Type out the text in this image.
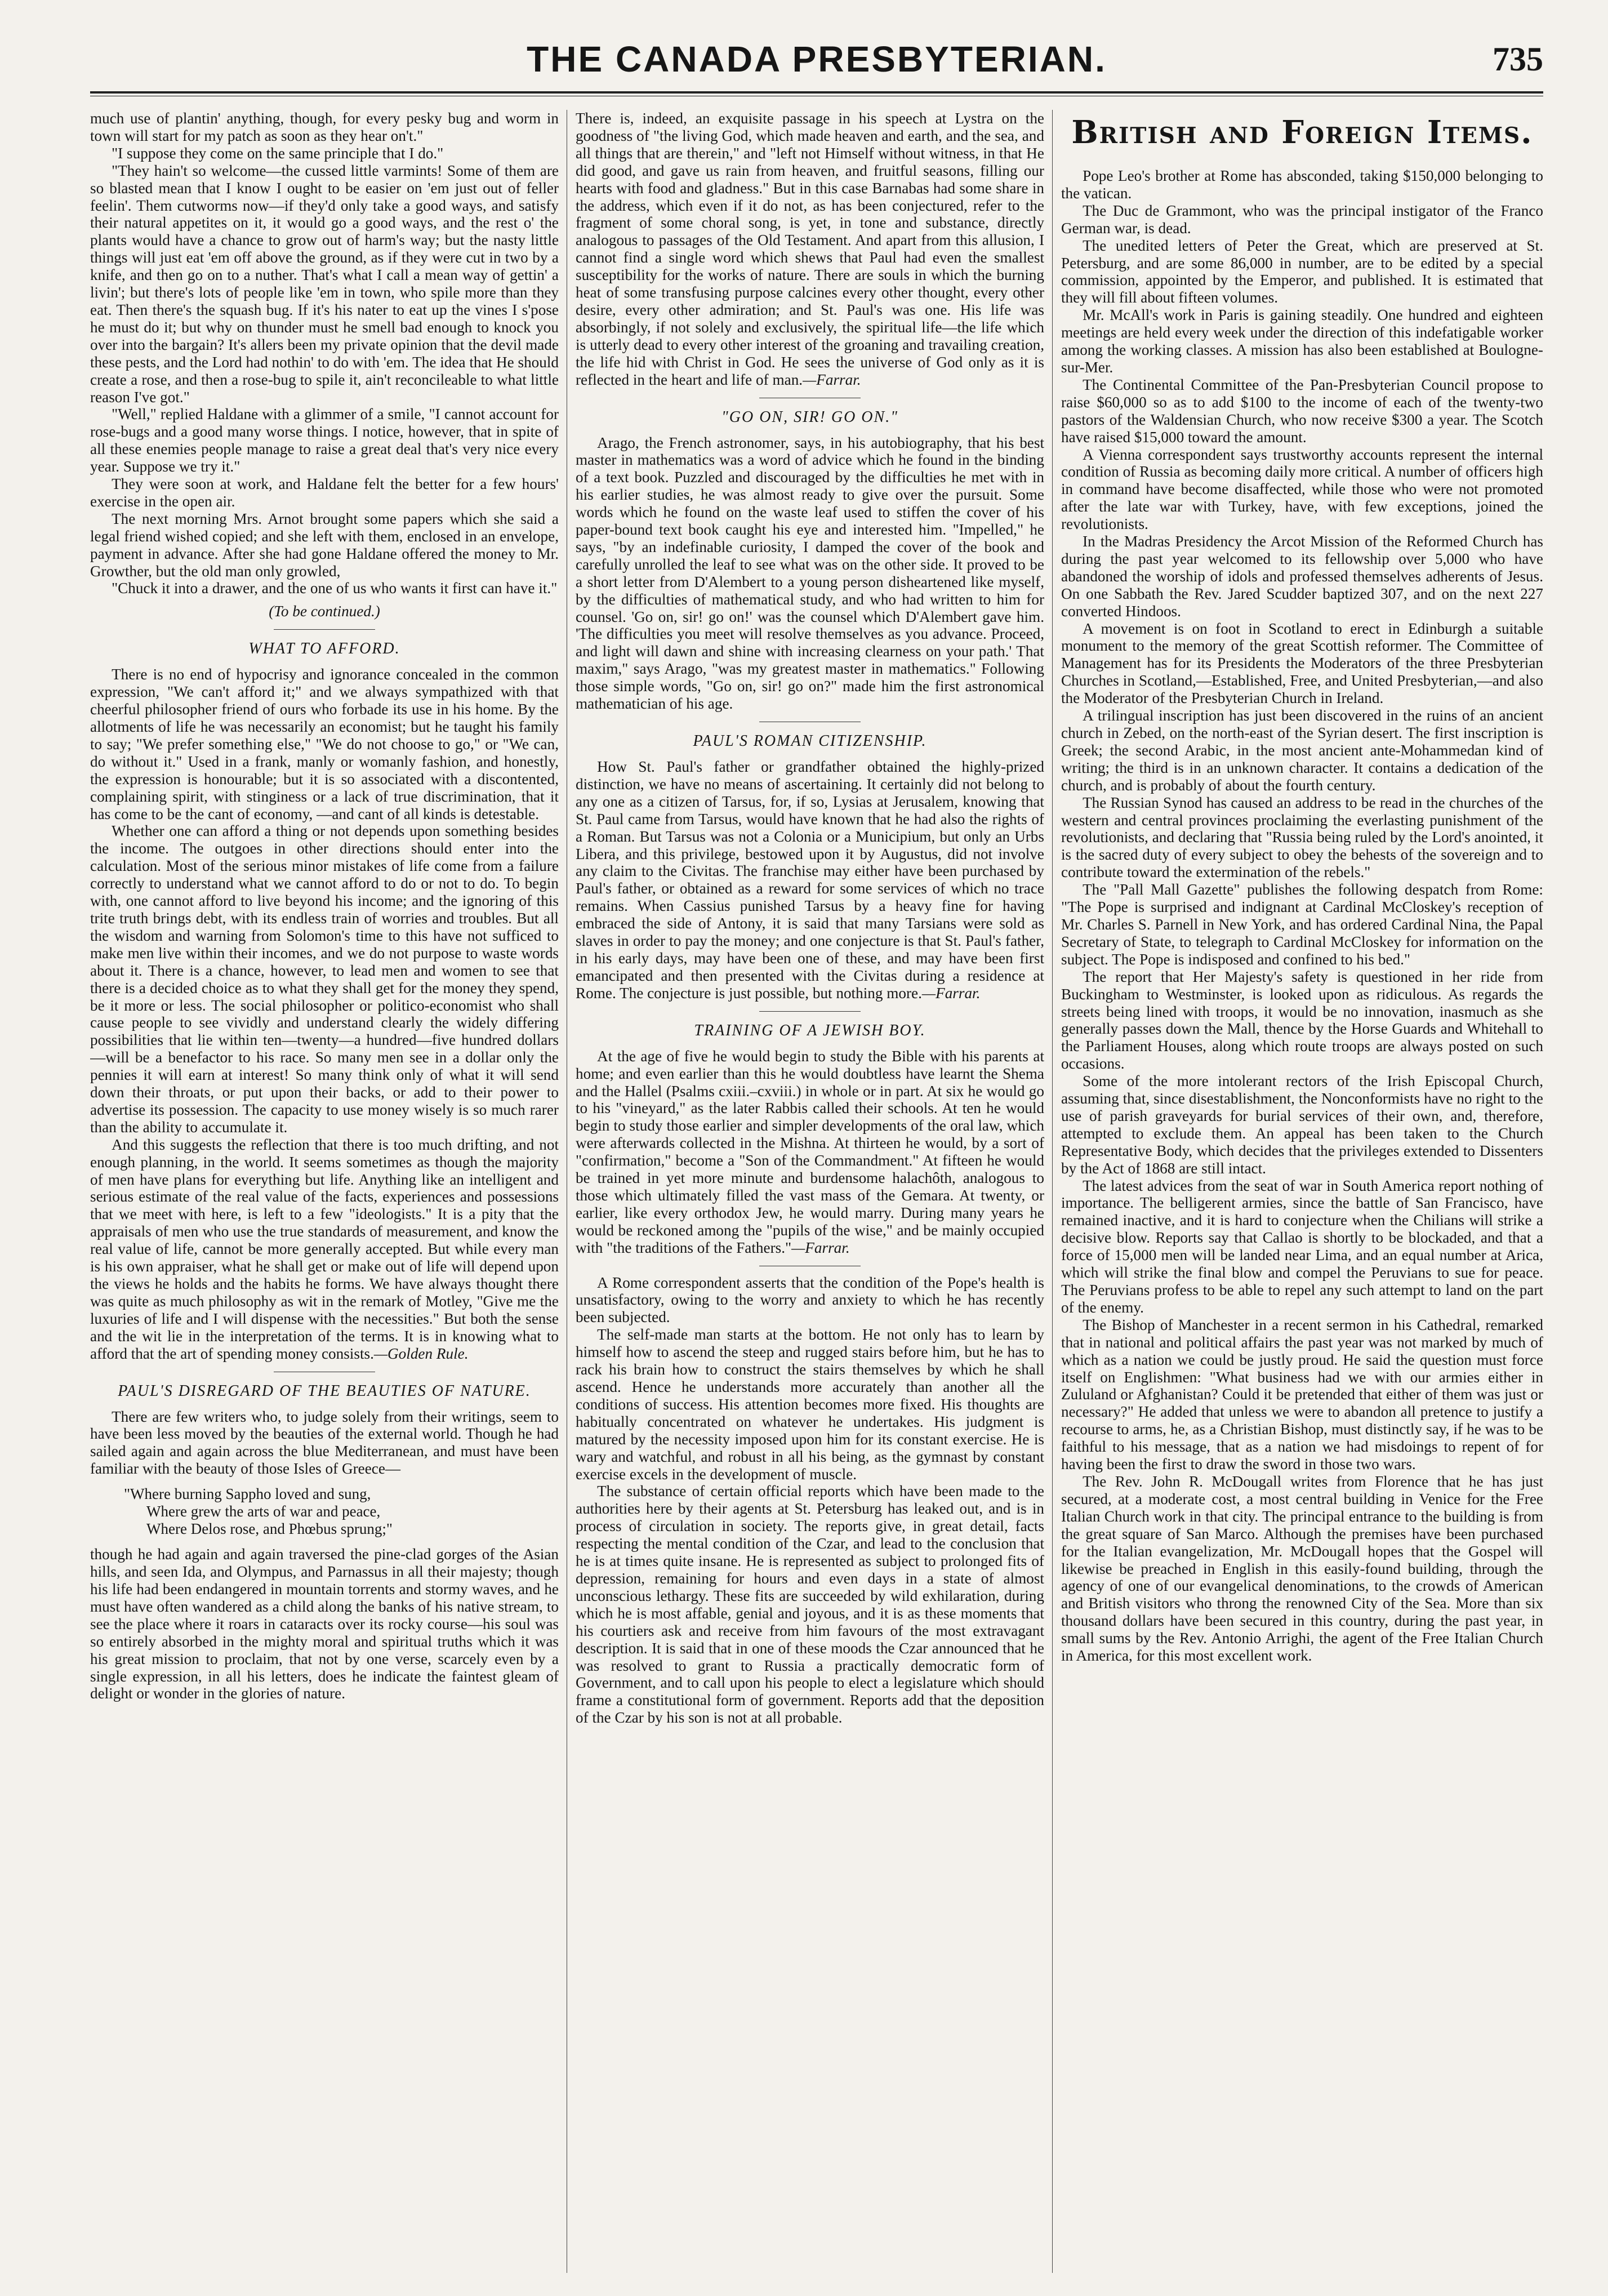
THE CANADA PRESBYTERIAN.	735

much use of plantin' anything, though, for every pesky bug and worm in town will start for my patch as soon as they hear on't."

"I suppose they come on the same principle that I do."

"They hain't so welcome—the cussed little varmints! Some of them are so blasted mean that I know I ought to be easier on 'em just out of feller feelin'. Them cutworms now—if they'd only take a good ways, and satisfy their natural appetites on it, it would go a good ways, and the rest o' the plants would have a chance to grow out of harm's way; but the nasty little things will just eat 'em off above the ground, as if they were cut in two by a knife, and then go on to a nuther. That's what I call a mean way of gettin' a livin'; but there's lots of people like 'em in town, who spile more than they eat. Then there's the squash bug. If it's his nater to eat up the vines I s'pose he must do it; but why on thunder must he smell bad enough to knock you over into the bargain? It's allers been my private opinion that the devil made these pests, and the Lord had nothin' to do with 'em. The idea that He should create a rose, and then a rose-bug to spile it, ain't reconcileable to what little reason I've got."

"Well," replied Haldane with a glimmer of a smile, "I cannot account for rose-bugs and a good many worse things. I notice, however, that in spite of all these enemies people manage to raise a great deal that's very nice every year. Suppose we try it."

They were soon at work, and Haldane felt the better for a few hours' exercise in the open air.

The next morning Mrs. Arnot brought some papers which she said a legal friend wished copied; and she left with them, enclosed in an envelope, payment in advance. After she had gone Haldane offered the money to Mr. Growther, but the old man only growled,

"Chuck it into a drawer, and the one of us who wants it first can have it."

(To be continued.)

WHAT TO AFFORD.

There is no end of hypocrisy and ignorance concealed in the common expression, "We can't afford it;" and we always sympathized with that cheerful philosopher friend of ours who forbade its use in his home. By the allotments of life he was necessarily an economist; but he taught his family to say; "We prefer something else," "We do not choose to go," or "We can, do without it." Used in a frank, manly or womanly fashion, and honestly, the expression is honourable; but it is so associated with a discontented, complaining spirit, with stinginess or a lack of true discrimination, that it has come to be the cant of economy, —and cant of all kinds is detestable.

Whether one can afford a thing or not depends upon something besides the income. The outgoes in other directions should enter into the calculation. Most of the serious minor mistakes of life come from a failure correctly to understand what we cannot afford to do or not to do. To begin with, one cannot afford to live beyond his income; and the ignoring of this trite truth brings debt, with its endless train of worries and troubles. But all the wisdom and warning from Solomon's time to this have not sufficed to make men live within their incomes, and we do not purpose to waste words about it. There is a chance, however, to lead men and women to see that there is a decided choice as to what they shall get for the money they spend, be it more or less. The social philosopher or politico-economist who shall cause people to see vividly and understand clearly the widely differing possibilities that lie within ten—twenty—a hundred—five hundred dollars—will be a benefactor to his race. So many men see in a dollar only the pennies it will earn at interest! So many think only of what it will send down their throats, or put upon their backs, or add to their power to advertise its possession. The capacity to use money wisely is so much rarer than the ability to accumulate it.

And this suggests the reflection that there is too much drifting, and not enough planning, in the world. It seems sometimes as though the majority of men have plans for everything but life. Anything like an intelligent and serious estimate of the real value of the facts, experiences and possessions that we meet with here, is left to a few "ideologists." It is a pity that the appraisals of men who use the true standards of measurement, and know the real value of life, cannot be more generally accepted. But while every man is his own appraiser, what he shall get or make out of life will depend upon the views he holds and the habits he forms. We have always thought there was quite as much philosophy as wit in the remark of Motley, "Give me the luxuries of life and I will dispense with the necessities." But both the sense and the wit lie in the interpretation of the terms. It is in knowing what to afford that the art of spending money consists.—Golden Rule.

PAUL'S DISREGARD OF THE BEAUTIES OF NATURE.

There are few writers who, to judge solely from their writings, seem to have been less moved by the beauties of the external world. Though he had sailed again and again across the blue Mediterranean, and must have been familiar with the beauty of those Isles of Greece—

"Where burning Sappho loved and sung,
Where grew the arts of war and peace,
Where Delos rose, and Phœbus sprung;"

though he had again and again traversed the pine-clad gorges of the Asian hills, and seen Ida, and Olympus, and Parnassus in all their majesty; though his life had been endangered in mountain torrents and stormy waves, and he must have often wandered as a child along the banks of his native stream, to see the place where it roars in cataracts over its rocky course—his soul was so entirely absorbed in the mighty moral and spiritual truths which it was his great mission to proclaim, that not by one verse, scarcely even by a single expression, in all his letters, does he indicate the faintest gleam of delight or wonder in the glories of nature.

There is, indeed, an exquisite passage in his speech at Lystra on the goodness of "the living God, which made heaven and earth, and the sea, and all things that are therein," and "left not Himself without witness, in that He did good, and gave us rain from heaven, and fruitful seasons, filling our hearts with food and gladness." But in this case Barnabas had some share in the address, which even if it do not, as has been conjectured, refer to the fragment of some choral song, is yet, in tone and substance, directly analogous to passages of the Old Testament. And apart from this allusion, I cannot find a single word which shews that Paul had even the smallest susceptibility for the works of nature. There are souls in which the burning heat of some transfusing purpose calcines every other thought, every other desire, every other admiration; and St. Paul's was one. His life was absorbingly, if not solely and exclusively, the spiritual life—the life which is utterly dead to every other interest of the groaning and travailing creation, the life hid with Christ in God. He sees the universe of God only as it is reflected in the heart and life of man.—Farrar.

"GO ON, SIR! GO ON."

Arago, the French astronomer, says, in his autobiography, that his best master in mathematics was a word of advice which he found in the binding of a text book. Puzzled and discouraged by the difficulties he met with in his earlier studies, he was almost ready to give over the pursuit. Some words which he found on the waste leaf used to stiffen the cover of his paper-bound text book caught his eye and interested him. "Impelled," he says, "by an indefinable curiosity, I damped the cover of the book and carefully unrolled the leaf to see what was on the other side. It proved to be a short letter from D'Alembert to a young person disheartened like myself, by the difficulties of mathematical study, and who had written to him for counsel. 'Go on, sir! go on!' was the counsel which D'Alembert gave him. 'The difficulties you meet will resolve themselves as you advance. Proceed, and light will dawn and shine with increasing clearness on your path.' That maxim," says Arago, "was my greatest master in mathematics." Following those simple words, "Go on, sir! go on?" made him the first astronomical mathematician of his age.

PAUL'S ROMAN CITIZENSHIP.

How St. Paul's father or grandfather obtained the highly-prized distinction, we have no means of ascertaining. It certainly did not belong to any one as a citizen of Tarsus, for, if so, Lysias at Jerusalem, knowing that St. Paul came from Tarsus, would have known that he had also the rights of a Roman. But Tarsus was not a Colonia or a Municipium, but only an Urbs Libera, and this privilege, bestowed upon it by Augustus, did not involve any claim to the Civitas. The franchise may either have been purchased by Paul's father, or obtained as a reward for some services of which no trace remains. When Cassius punished Tarsus by a heavy fine for having embraced the side of Antony, it is said that many Tarsians were sold as slaves in order to pay the money; and one conjecture is that St. Paul's father, in his early days, may have been one of these, and may have been first emancipated and then presented with the Civitas during a residence at Rome. The conjecture is just possible, but nothing more.—Farrar.

TRAINING OF A JEWISH BOY.

At the age of five he would begin to study the Bible with his parents at home; and even earlier than this he would doubtless have learnt the Shema and the Hallel (Psalms cxiii.–cxviii.) in whole or in part. At six he would go to his "vineyard," as the later Rabbis called their schools. At ten he would begin to study those earlier and simpler developments of the oral law, which were afterwards collected in the Mishna. At thirteen he would, by a sort of "confirmation," become a "Son of the Commandment." At fifteen he would be trained in yet more minute and burdensome halachôth, analogous to those which ultimately filled the vast mass of the Gemara. At twenty, or earlier, like every orthodox Jew, he would marry. During many years he would be reckoned among the "pupils of the wise," and be mainly occupied with "the traditions of the Fathers."—Farrar.

A Rome correspondent asserts that the condition of the Pope's health is unsatisfactory, owing to the worry and anxiety to which he has recently been subjected.

The self-made man starts at the bottom. He not only has to learn by himself how to ascend the steep and rugged stairs before him, but he has to rack his brain how to construct the stairs themselves by which he shall ascend. Hence he understands more accurately than another all the conditions of success. His attention becomes more fixed. His thoughts are habitually concentrated on whatever he undertakes. His judgment is matured by the necessity imposed upon him for its constant exercise. He is wary and watchful, and robust in all his being, as the gymnast by constant exercise excels in the development of muscle.

The substance of certain official reports which have been made to the authorities here by their agents at St. Petersburg has leaked out, and is in process of circulation in society. The reports give, in great detail, facts respecting the mental condition of the Czar, and lead to the conclusion that he is at times quite insane. He is represented as subject to prolonged fits of depression, remaining for hours and even days in a state of almost unconscious lethargy. These fits are succeeded by wild exhilaration, during which he is most affable, genial and joyous, and it is as these moments that his courtiers ask and receive from him favours of the most extravagant description. It is said that in one of these moods the Czar announced that he was resolved to grant to Russia a practically democratic form of Government, and to call upon his people to elect a legislature which should frame a constitutional form of government. Reports add that the deposition of the Czar by his son is not at all probable.

British and Foreign Items.

Pope Leo's brother at Rome has absconded, taking $150,000 belonging to the vatican.

The Duc de Grammont, who was the principal instigator of the Franco German war, is dead.

The unedited letters of Peter the Great, which are preserved at St. Petersburg, and are some 86,000 in number, are to be edited by a special commission, appointed by the Emperor, and published. It is estimated that they will fill about fifteen volumes.

Mr. McAll's work in Paris is gaining steadily. One hundred and eighteen meetings are held every week under the direction of this indefatigable worker among the working classes. A mission has also been established at Boulogne-sur-Mer.

The Continental Committee of the Pan-Presbyterian Council propose to raise $60,000 so as to add $100 to the income of each of the twenty-two pastors of the Waldensian Church, who now receive $300 a year. The Scotch have raised $15,000 toward the amount.

A Vienna correspondent says trustworthy accounts represent the internal condition of Russia as becoming daily more critical. A number of officers high in command have become disaffected, while those who were not promoted after the late war with Turkey, have, with few exceptions, joined the revolutionists.

In the Madras Presidency the Arcot Mission of the Reformed Church has during the past year welcomed to its fellowship over 5,000 who have abandoned the worship of idols and professed themselves adherents of Jesus. On one Sabbath the Rev. Jared Scudder baptized 307, and on the next 227 converted Hindoos.

A movement is on foot in Scotland to erect in Edinburgh a suitable monument to the memory of the great Scottish reformer. The Committee of Management has for its Presidents the Moderators of the three Presbyterian Churches in Scotland,—Established, Free, and United Presbyterian,—and also the Moderator of the Presbyterian Church in Ireland.

A trilingual inscription has just been discovered in the ruins of an ancient church in Zebed, on the north-east of the Syrian desert. The first inscription is Greek; the second Arabic, in the most ancient ante-Mohammedan kind of writing; the third is in an unknown character. It contains a dedication of the church, and is probably of about the fourth century.

The Russian Synod has caused an address to be read in the churches of the western and central provinces proclaiming the everlasting punishment of the revolutionists, and declaring that "Russia being ruled by the Lord's anointed, it is the sacred duty of every subject to obey the behests of the sovereign and to contribute toward the extermination of the rebels."

The "Pall Mall Gazette" publishes the following despatch from Rome: "The Pope is surprised and indignant at Cardinal McCloskey's reception of Mr. Charles S. Parnell in New York, and has ordered Cardinal Nina, the Papal Secretary of State, to telegraph to Cardinal McCloskey for information on the subject. The Pope is indisposed and confined to his bed."

The report that Her Majesty's safety is questioned in her ride from Buckingham to Westminster, is looked upon as ridiculous. As regards the streets being lined with troops, it would be no innovation, inasmuch as she generally passes down the Mall, thence by the Horse Guards and Whitehall to the Parliament Houses, along which route troops are always posted on such occasions.

Some of the more intolerant rectors of the Irish Episcopal Church, assuming that, since disestablishment, the Nonconformists have no right to the use of parish graveyards for burial services of their own, and, therefore, attempted to exclude them. An appeal has been taken to the Church Representative Body, which decides that the privileges extended to Dissenters by the Act of 1868 are still intact.

The latest advices from the seat of war in South America report nothing of importance. The belligerent armies, since the battle of San Francisco, have remained inactive, and it is hard to conjecture when the Chilians will strike a decisive blow. Reports say that Callao is shortly to be blockaded, and that a force of 15,000 men will be landed near Lima, and an equal number at Arica, which will strike the final blow and compel the Peruvians to sue for peace. The Peruvians profess to be able to repel any such attempt to land on the part of the enemy.

The Bishop of Manchester in a recent sermon in his Cathedral, remarked that in national and political affairs the past year was not marked by much of which as a nation we could be justly proud. He said the question must force itself on Englishmen: "What business had we with our armies either in Zululand or Afghanistan? Could it be pretended that either of them was just or necessary?" He added that unless we were to abandon all pretence to justify a recourse to arms, he, as a Christian Bishop, must distinctly say, if he was to be faithful to his message, that as a nation we had misdoings to repent of for having been the first to draw the sword in those two wars.

The Rev. John R. McDougall writes from Florence that he has just secured, at a moderate cost, a most central building in Venice for the Free Italian Church work in that city. The principal entrance to the building is from the great square of San Marco. Although the premises have been purchased for the Italian evangelization, Mr. McDougall hopes that the Gospel will likewise be preached in English in this easily-found building, through the agency of one of our evangelical denominations, to the crowds of American and British visitors who throng the renowned City of the Sea. More than six thousand dollars have been secured in this country, during the past year, in small sums by the Rev. Antonio Arrighi, the agent of the Free Italian Church in America, for this most excellent work.
